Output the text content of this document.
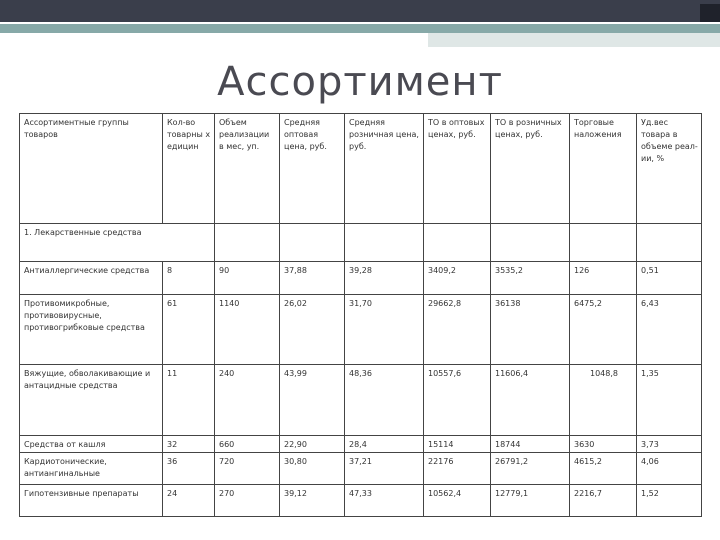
Ассортимент
Ассортиментные группы товаров	Кол-во товарны х едицин	Объем реализации в мес, уп.	Средняя оптовая цена, руб.	Средняя розничная цена, руб.	ТО в оптовых ценах, руб.	ТО в розничных ценах, руб.	Торговые наложения	Уд.вес товара в объеме реал-ии, %
1. Лекарственные средства								
Антиаллергические средства	8	90	37,88	39,28	3409,2	3535,2	126	0,51
Противомикробные, противовирусные, противогрибковые средства	61	1140	26,02	31,70	29662,8	36138	6475,2	6,43
Вяжущие, обволакивающие и антацидные средства	11	240	43,99	48,36	10557,6	11606,4	1048,8	1,35
Средства от кашля	32	660	22,90	28,4	15114	18744	3630	3,73
Кардиотонические, антиангинальные	36	720	30,80	37,21	22176	26791,2	4615,2	4,06
Гипотензивные препараты	24	270	39,12	47,33	10562,4	12779,1	2216,7	1,52
